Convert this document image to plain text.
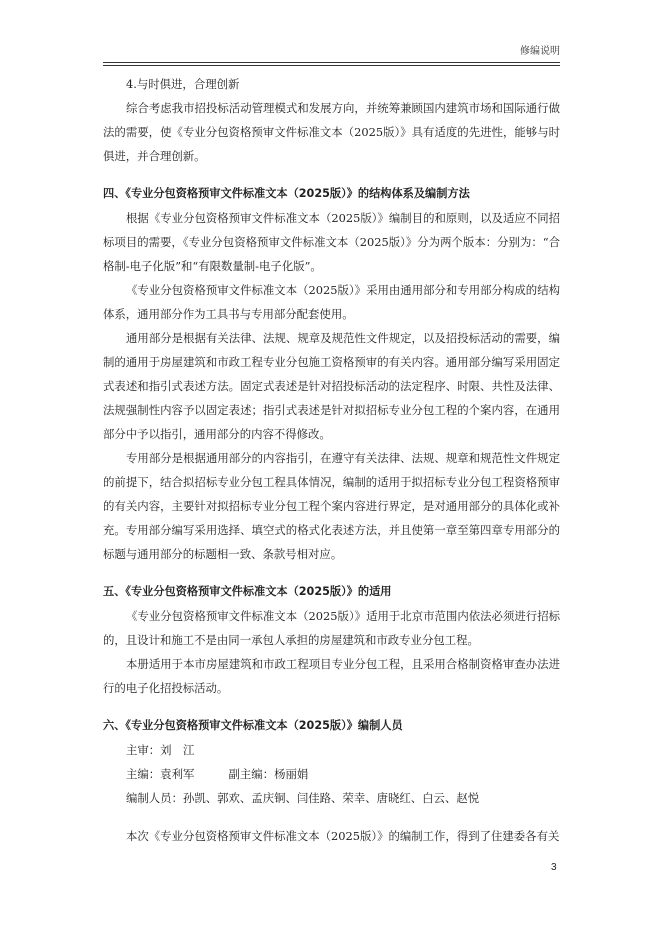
修编说明

4.与时俱进，合理创新

综合考虑我市招投标活动管理模式和发展方向，并统筹兼顾国内建筑市场和国际通行做法的需要，使《专业分包资格预审文件标准文本（2025版）》具有适度的先进性，能够与时俱进，并合理创新。

四、《专业分包资格预审文件标准文本（2025版）》的结构体系及编制方法

根据《专业分包资格预审文件标准文本（2025版）》编制目的和原则，以及适应不同招标项目的需要，《专业分包资格预审文件标准文本（2025版）》分为两个版本：分别为：“合格制-电子化版”和“有限数量制-电子化版”。

《专业分包资格预审文件标准文本（2025版）》采用由通用部分和专用部分构成的结构体系，通用部分作为工具书与专用部分配套使用。

通用部分是根据有关法律、法规、规章及规范性文件规定，以及招投标活动的需要，编制的通用于房屋建筑和市政工程专业分包施工资格预审的有关内容。通用部分编写采用固定式表述和指引式表述方法。固定式表述是针对招投标活动的法定程序、时限、共性及法律、法规强制性内容予以固定表述；指引式表述是针对拟招标专业分包工程的个案内容，在通用部分中予以指引，通用部分的内容不得修改。

专用部分是根据通用部分的内容指引，在遵守有关法律、法规、规章和规范性文件规定的前提下，结合拟招标专业分包工程具体情况，编制的适用于拟招标专业分包工程资格预审的有关内容，主要针对拟招标专业分包工程个案内容进行界定，是对通用部分的具体化或补充。专用部分编写采用选择、填空式的格式化表述方法，并且使第一章至第四章专用部分的标题与通用部分的标题相一致、条款号相对应。

五、《专业分包资格预审文件标准文本（2025版）》的适用

《专业分包资格预审文件标准文本（2025版）》适用于北京市范围内依法必须进行招标的，且设计和施工不是由同一承包人承担的房屋建筑和市政专业分包工程。

本册适用于本市房屋建筑和市政工程项目专业分包工程，且采用合格制资格审查办法进行的电子化招投标活动。

六、《专业分包资格预审文件标准文本（2025版）》编制人员
主审：刘　江
主编：袁利军　　　副主编：杨丽娟
编制人员：孙凯、郭欢、孟庆铜、闫佳路、荣幸、唐晓红、白云、赵悦

本次《专业分包资格预审文件标准文本（2025版）》的编制工作，得到了住建委各有关

3
